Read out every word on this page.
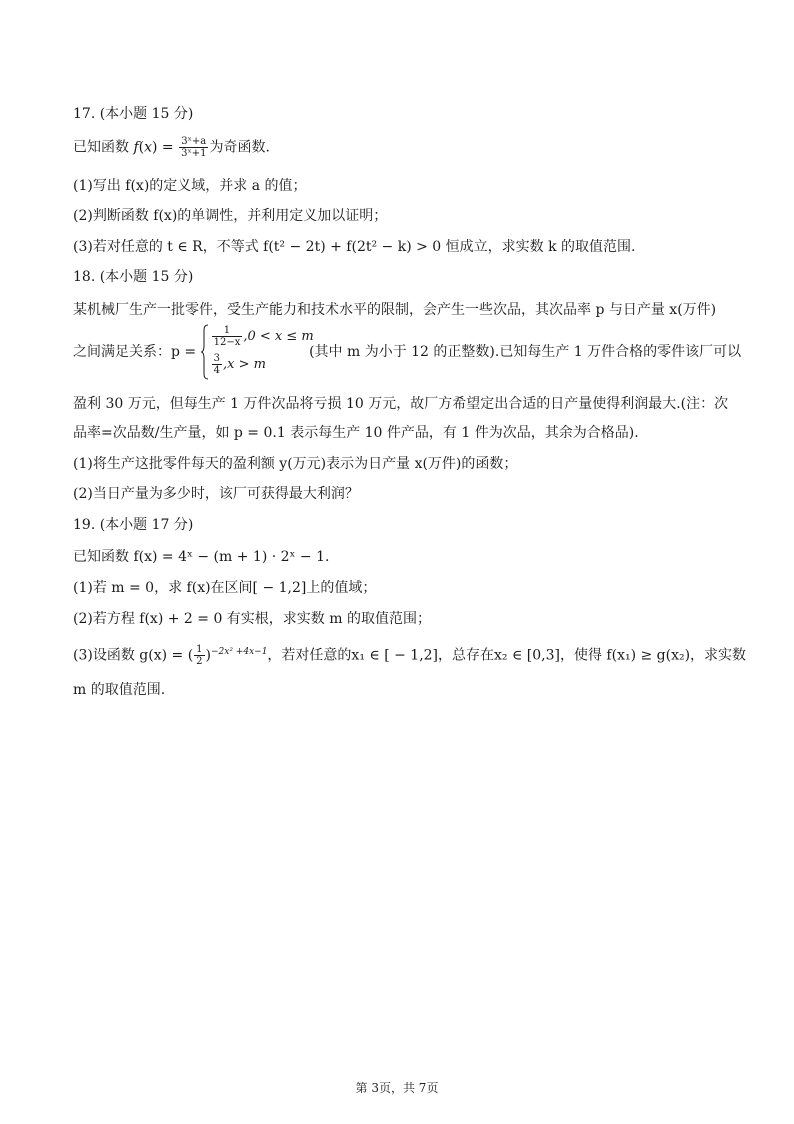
17. (本小题 15 分)
已知函数 $f(x) = \frac{\text{3ˣ+a}}{\text{3ˣ+1}}$ 为奇函数.
(1)写出 f(x)的定义域，并求 a 的值；
(2)判断函数 f(x)的单调性，并利用定义加以证明；
(3)若对任意的 t ∈ R，不等式 f(t² − 2t) + f(2t² − k) > 0 恒成立，求实数 k 的取值范围.
18. (本小题 15 分)
某机械厂生产一批零件，受生产能力和技术水平的限制，会产生一些次品，其次品率 p 与日产量 x(万件)
之间满足关系：p =
$\frac{1}{12-x} ,0 < x \le m$
$\frac{3}{4} ,x > m$
(其中 m 为小于 12 的正整数).已知每生产 1 万件合格的零件该厂可以
盈利 30 万元，但每生产 1 万件次品将亏损 10 万元，故厂方希望定出合适的日产量使得利润最大.(注：次
品率=次品数/生产量，如 p = 0.1 表示每生产 10 件产品，有 1 件为次品，其余为合格品).
(1)将生产这批零件每天的盈利额 y(万元)表示为日产量 x(万件)的函数；
(2)当日产量为多少时，该厂可获得最大利润？
19. (本小题 17 分)
已知函数 f(x) = 4ˣ − (m + 1) · 2ˣ − 1.
(1)若 m = 0，求 f(x)在区间[ − 1,2]上的值域；
(2)若方程 f(x) + 2 = 0 有实根，求实数 m 的取值范围；
(3)设函数 g(x) = ( $\frac{1}{2} )^{-2x^2 +4x-1}$，若对任意的x₁ ∈ [ − 1,2]，总存在x₂ ∈ [0,3]，使得 f(x₁) ≥ g(x₂)，求实数
m 的取值范围.
第 3页，共 7页
